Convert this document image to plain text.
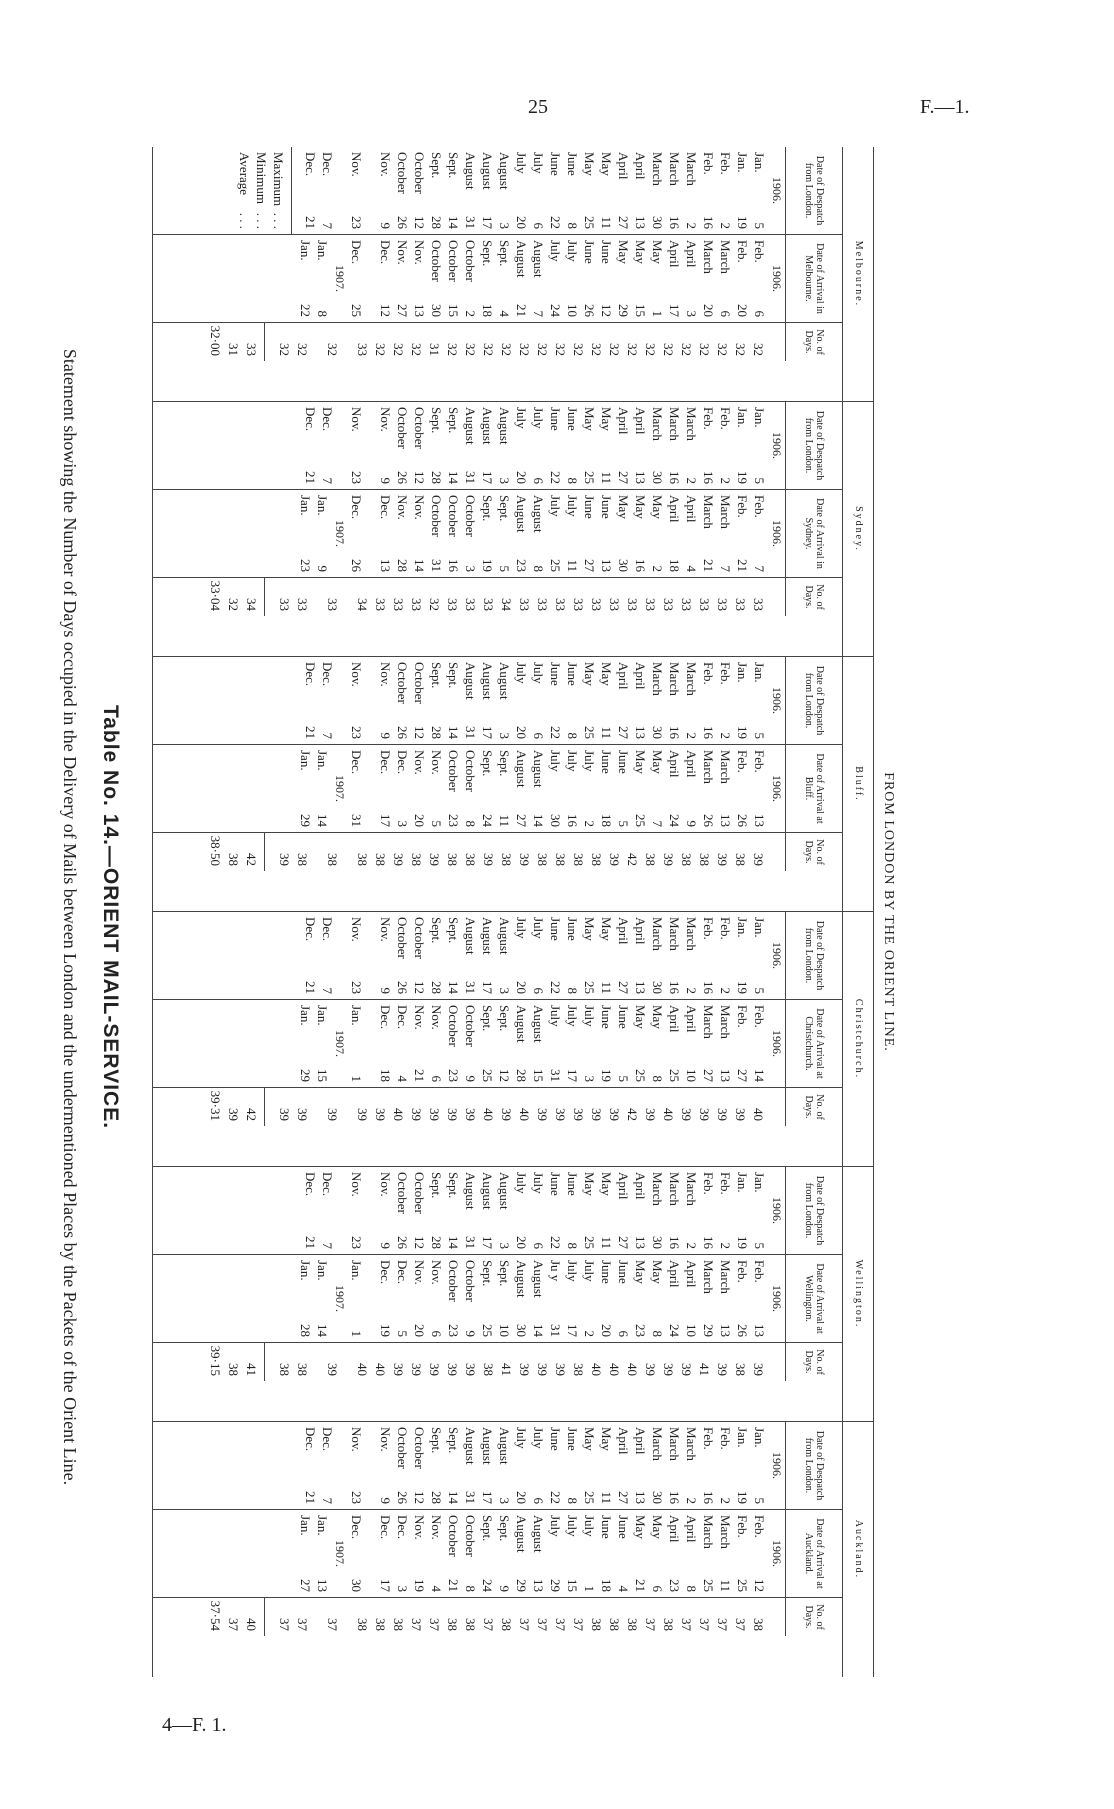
25	F.—1.
4—F. 1.
Table No. 14.—ORIENT MAIL-SERVICE.
Statement showing the Number of Days occupied in the Delivery of Mails between London and the undermentioned Places by the Packets of the Orient Line.	FROM LONDON BY THE ORIENT LINE.
Melbourne.
Date of Despatch from London.
1906.
Jan.
5
Jan.
19
Feb.
2
Feb.
16
March
2
March
16
March
30
April
13
April
27
May
11
May
25
June
8
June
22
July
6
July
20
August
3
August
17
August
31
Sept.
14
Sept.
28
October
12
October
26
Nov.
9
Nov.
23
Dec.
7
Dec.
21
Maximum
. . .
Minimum
. . .
Average
. . .
Date of Arrival in Melbourne.
1906.
Feb.
6
Feb.
20
March
6
March
20
April
3
April
17
May
1
May
15
May
29
June
12
June
26
July
10
July
24
August
7
August
21
Sept.
4
Sept.
18
October
2
October
15
October
30
Nov.
13
Nov.
27
Dec.
12
Dec.
25
1907.
Jan.
8
Jan.
22
No. of Days.
32
32
32
32
32
32
32
32
32
32
32
32
32
32
32
32
32
32
31
32
32
32
33
32
32
32
33
31
32·00
Sydney.
Date of Despatch from London.
1906.
Jan.
5
Jan.
19
Feb.
2
Feb.
16
March
2
March
16
March
30
April
13
April
27
May
11
May
25
June
8
June
22
July
6
July
20
August
3
August
17
August
31
Sept.
14
Sept.
28
October
12
October
26
Nov.
9
Nov.
23
Dec.
7
Dec.
21
Date of Arrival in Sydney.
1906.
Feb.
7
Feb.
21
March
7
March
21
April
4
April
18
May
2
May
16
May
30
June
13
June
27
July
11
July
25
August
8
August
23
Sept.
5
Sept.
19
October
3
October
16
October
31
Nov.
14
Nov.
28
Dec.
13
Dec.
26
1907.
Jan.
9
Jan.
23
No. of Days.
33
33
33
33
33
33
33
33
33
33
33
33
33
33
34
33
33
33
32
33
33
33
34
33
33
33
34
32
33·04
Bluff.
Date of Despatch from London.
1906.
Jan.
5
Jan.
19
Feb.
2
Feb.
16
March
2
March
16
March
30
April
13
April
27
May
11
May
25
June
8
June
22
July
6
July
20
August
3
August
17
August
31
Sept.
14
Sept.
28
October
12
October
26
Nov.
9
Nov.
23
Dec.
7
Dec.
21
Date of Arrival at Bluff.
1906.
Feb.
13
Feb.
26
March
13
March
26
April
9
April
24
May
7
May
25
June
5
June
18
July
2
July
16
July
30
August
14
August
27
Sept.
11
Sept.
24
October
8
October
23
Nov.
5
Nov.
20
Dec.
3
Dec.
17
Dec.
31
1907.
Jan.
14
Jan.
29
No. of Days.
39
38
39
38
38
39
38
42
39
38
38
38
38
39
38
39
38
38
39
38
39
38
38
38
38
39
42
38
38·50
Christchurch.
Date of Despatch from London.
1906.
Jan.
5
Jan.
19
Feb.
2
Feb.
16
March
2
March
16
March
30
April
13
April
27
May
11
May
25
June
8
June
22
July
6
July
20
August
3
August
17
August
31
Sept.
14
Sept.
28
October
12
October
26
Nov.
9
Nov.
23
Dec.
7
Dec.
21
Date of Arrival at Christchurch.
1906.
Feb.
14
Feb.
27
March
13
March
27
April
10
April
25
May
8
May
25
June
5
June
19
July
3
July
17
July
31
August
15
August
28
Sept.
12
Sept.
25
October
9
October
23
Nov.
6
Nov.
21
Dec.
4
Dec.
18
Jan.
1
1907.
Jan.
15
Jan.
29
No. of Days.
40
39
39
39
39
40
39
42
39
39
39
39
39
40
39
40
39
39
39
39
40
39
39
39
39
39
42
39
39·31
Wellington.
Date of Despatch from London.
1906.
Jan.
5
Jan.
19
Feb.
2
Feb.
16
March
2
March
16
March
30
April
13
April
27
May
11
May
25
June
8
June
22
July
6
July
20
August
3
August
17
August
31
Sept.
14
Sept.
28
October
12
October
26
Nov.
9
Nov.
23
Dec.
7
Dec.
21
Date of Arrival at Wellington.
1906.
Feb.
13
Feb.
26
March
13
March
29
April
10
April
24
May
8
May
23
June
6
June
20
July
2
July
17
Ju y
31
August
14
August
30
Sept.
10
Sept.
25
October
9
October
23
Nov.
6
Nov.
20
Dec.
5
Dec.
19
Jan.
1
1907.
Jan.
14
Jan.
28
No. of Days.
39
38
39
41
39
39
39
40
40
40
38
39
39
39
41
38
39
39
39
39
39
40
40
39
38
38
41
38
39·15
Auckland.
Date of Despatch from London.
1906.
Jan.
5
Jan.
19
Feb.
2
Feb.
16
March
2
March
16
March
30
April
13
April
27
May
11
May
25
June
8
June
22
July
6
July
20
August
3
August
17
August
31
Sept.
14
Sept.
28
October
12
October
26
Nov.
9
Nov.
23
Dec.
7
Dec.
21
Date of Arrival at Auckland.
1906.
Feb.
12
Feb.
25
March
11
March
25
April
8
April
23
May
6
May
21
June
4
June
18
July
1
July
15
July
29
August
13
August
29
Sept.
9
Sept.
24
October
8
October
21
Nov.
4
Nov.
19
Dec.
3
Dec.
17
Dec.
30
1907.
Jan.
13
Jan.
27
No. of Days.
38
37
37
37
37
38
37
38
38
38
37
37
37
37
38
37
38
38
37
37
38
38
38
37
37
37
40
37
37·54
